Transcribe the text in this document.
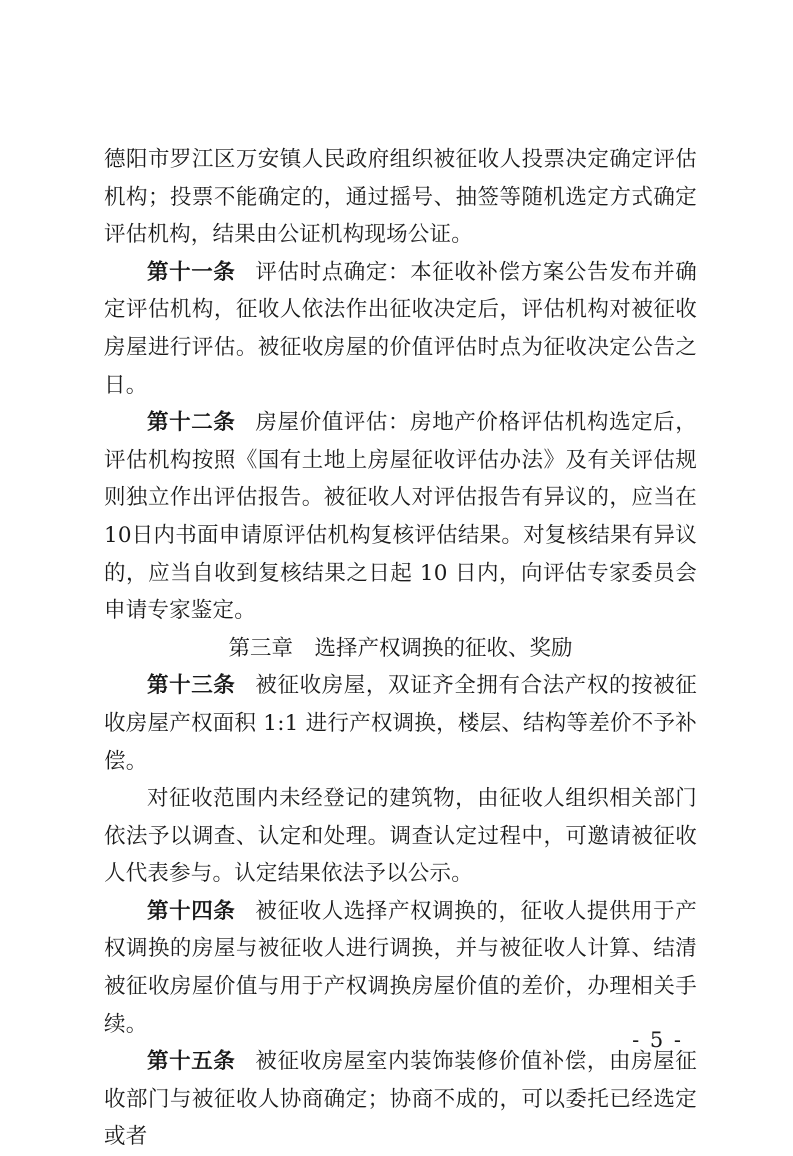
德阳市罗江区万安镇人民政府组织被征收人投票决定确定评估机构；投票不能确定的，通过摇号、抽签等随机选定方式确定评估机构，结果由公证机构现场公证。

第十一条 评估时点确定：本征收补偿方案公告发布并确定评估机构，征收人依法作出征收决定后，评估机构对被征收房屋进行评估。被征收房屋的价值评估时点为征收决定公告之日。

第十二条 房屋价值评估：房地产价格评估机构选定后，评估机构按照《国有土地上房屋征收评估办法》及有关评估规则独立作出评估报告。被征收人对评估报告有异议的，应当在10日内书面申请原评估机构复核评估结果。对复核结果有异议的，应当自收到复核结果之日起 10 日内，向评估专家委员会申请专家鉴定。

第三章　选择产权调换的征收、奖励

第十三条 被征收房屋，双证齐全拥有合法产权的按被征收房屋产权面积 1:1 进行产权调换，楼层、结构等差价不予补偿。

对征收范围内未经登记的建筑物，由征收人组织相关部门依法予以调查、认定和处理。调查认定过程中，可邀请被征收人代表参与。认定结果依法予以公示。

第十四条 被征收人选择产权调换的，征收人提供用于产权调换的房屋与被征收人进行调换，并与被征收人计算、结清被征收房屋价值与用于产权调换房屋价值的差价，办理相关手续。

第十五条 被征收房屋室内装饰装修价值补偿，由房屋征收部门与被征收人协商确定；协商不成的，可以委托已经选定或者

- 5 -
